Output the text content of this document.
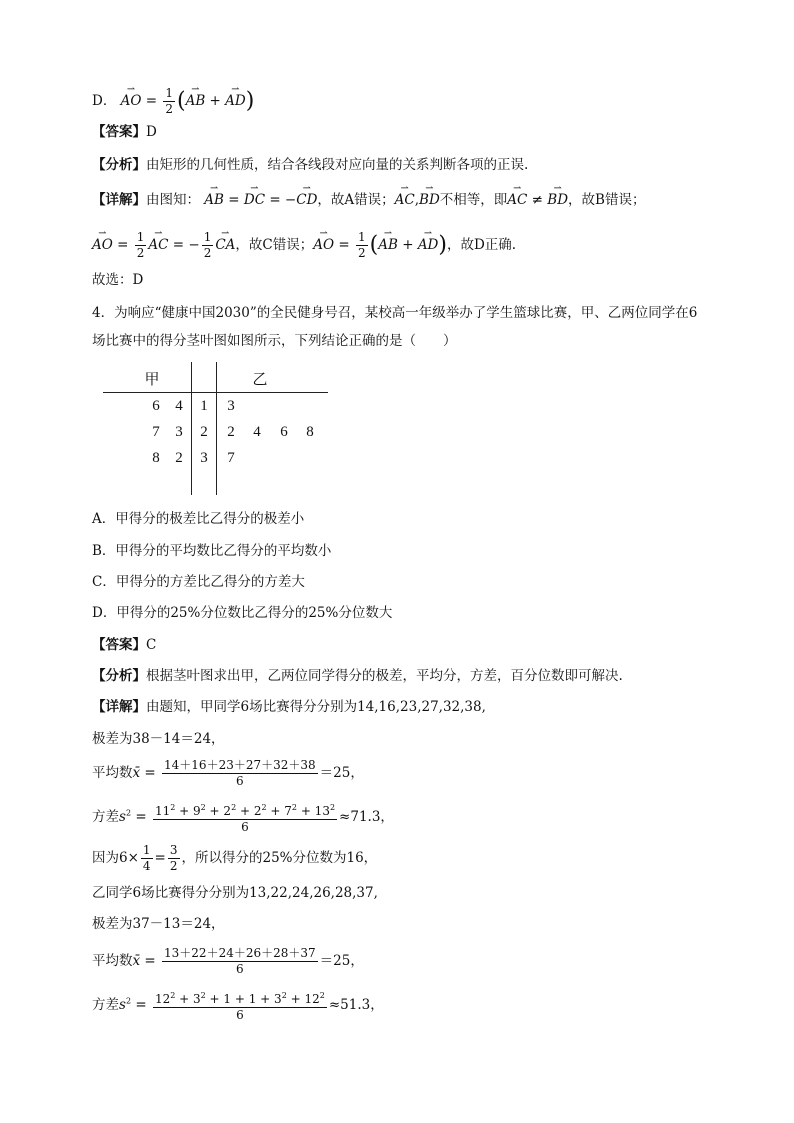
D． ⇀ AO = $\frac{1}{2}$ (⇀ AB + ⇀ AD)
【答案】D
【分析】由矩形的几何性质，结合各线段对应向量的关系判断各项的正误.
【详解】由图知： ⇀ AB = ⇀ DC = −⇀ CD，故A错误；⇀ AC,⇀ BD不相等，即⇀ AC ≠ ⇀ BD，故B错误；
⇀ AO = $\frac{1}{2}$ ⇀ AC = − $\frac{1}{2}$ ⇀ CA，故C错误；⇀ AO = $\frac{1}{2}$ (⇀ AB + ⇀ AD)，故D正确.
故选：D
4．为响应“健康中国2030”的全民健身号召，某校高一年级举办了学生篮球比赛，甲、乙两位同学在6
场比赛中的得分茎叶图如图所示，下列结论正确的是（　　）
甲	乙
6	4	1	3
7	3	2	2	4	6	8
8	2	3	7
A．甲得分的极差比乙得分的极差小
B．甲得分的平均数比乙得分的平均数小
C．甲得分的方差比乙得分的方差大
D．甲得分的25%分位数比乙得分的25%分位数大
【答案】C
【分析】根据茎叶图求出甲，乙两位同学得分的极差，平均分，方差，百分位数即可解决.
【详解】由题知，甲同学6场比赛得分分别为14,16,23,27,32,38,
极差为38－14＝24，
平均数x̄ = $\frac{14+16+23+27+32+38}{6} =25$，
方差$s^2 = \frac{11^2 + 9^2 + 2^2 + 2^2 + 7^2 + 13^2}{6} \approx 71.3$，
因为$6\times \frac{1}{4} = \frac{3}{2}$ ，所以得分的25%分位数为16，
乙同学6场比赛得分分别为13,22,24,26,28,37,
极差为37－13＝24，
平均数x̄ = $\frac{13+22+24+26+28+37}{6} =25$，
方差$s^2 = \frac{12^2 + 3^2 + 1 + 1 + 3^2 + 12^2}{6} \approx 51.3$，
